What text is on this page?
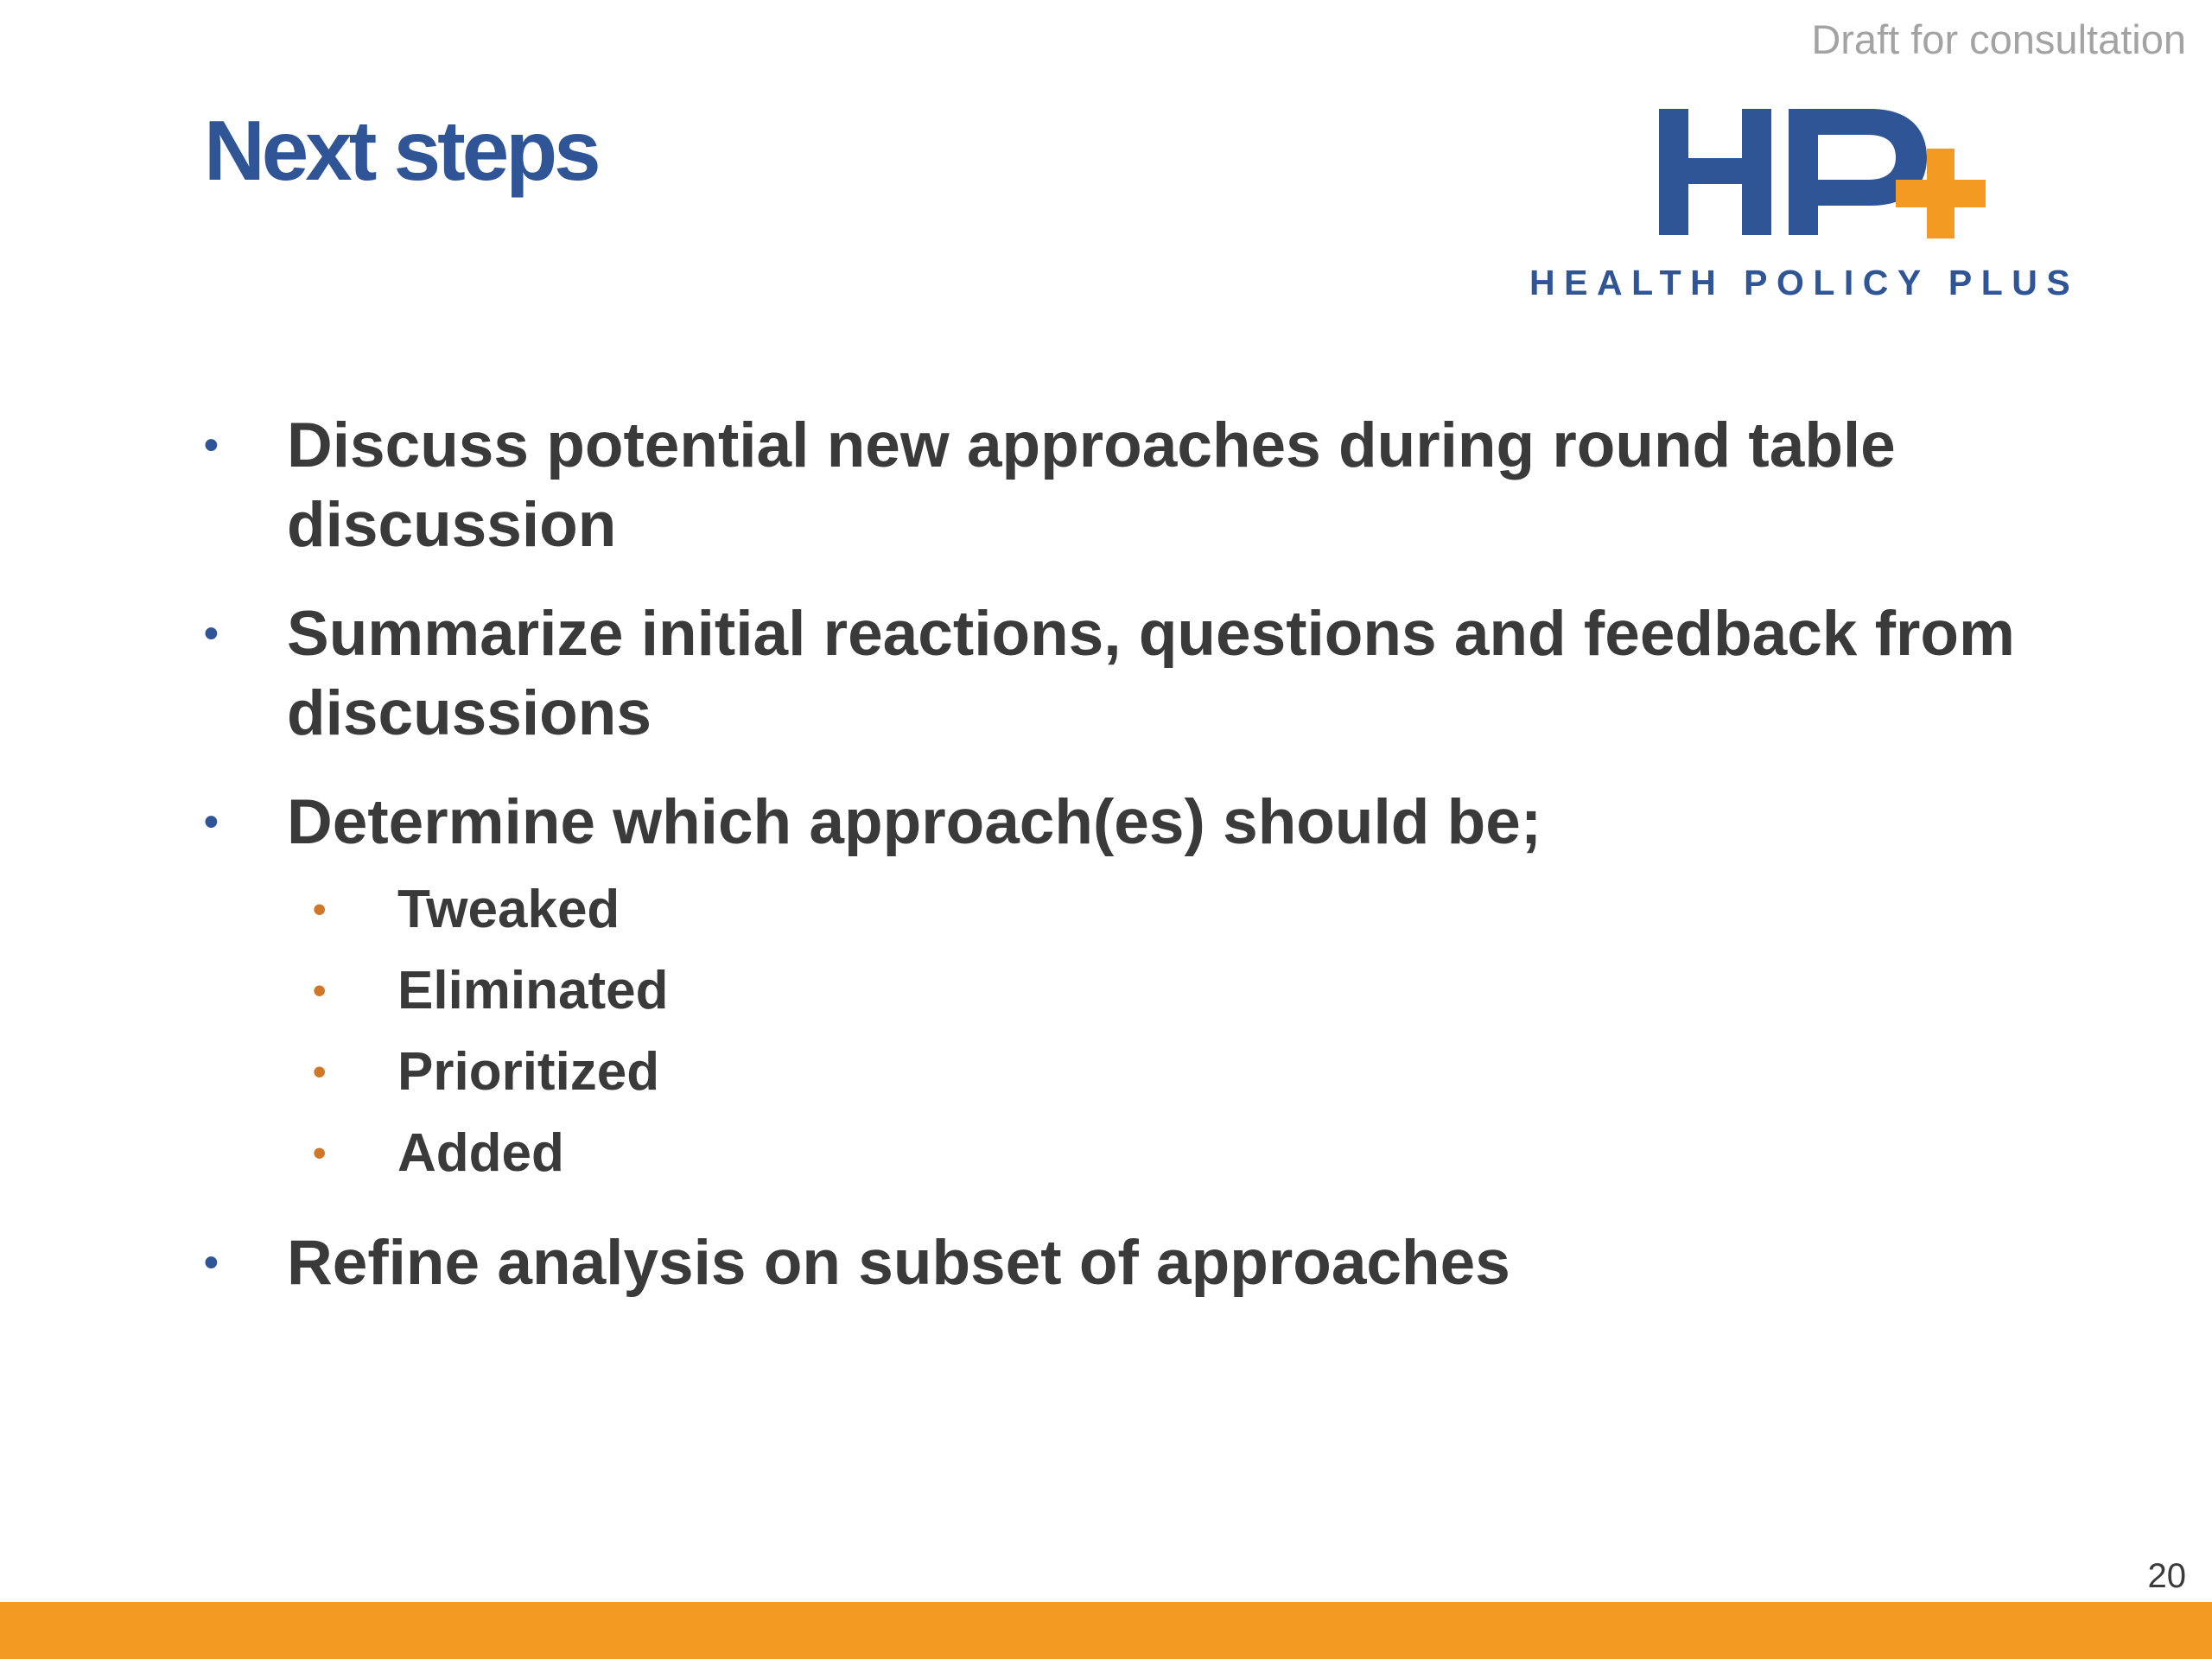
Draft for consultation
Next steps
HEALTH POLICY PLUS
• Discuss potential new approaches during round table discussion
• Summarize initial reactions, questions and feedback from discussions
• Determine which approach(es) should be;
• Tweaked
• Eliminated
• Prioritized
• Added
• Refine analysis on subset of approaches
20
